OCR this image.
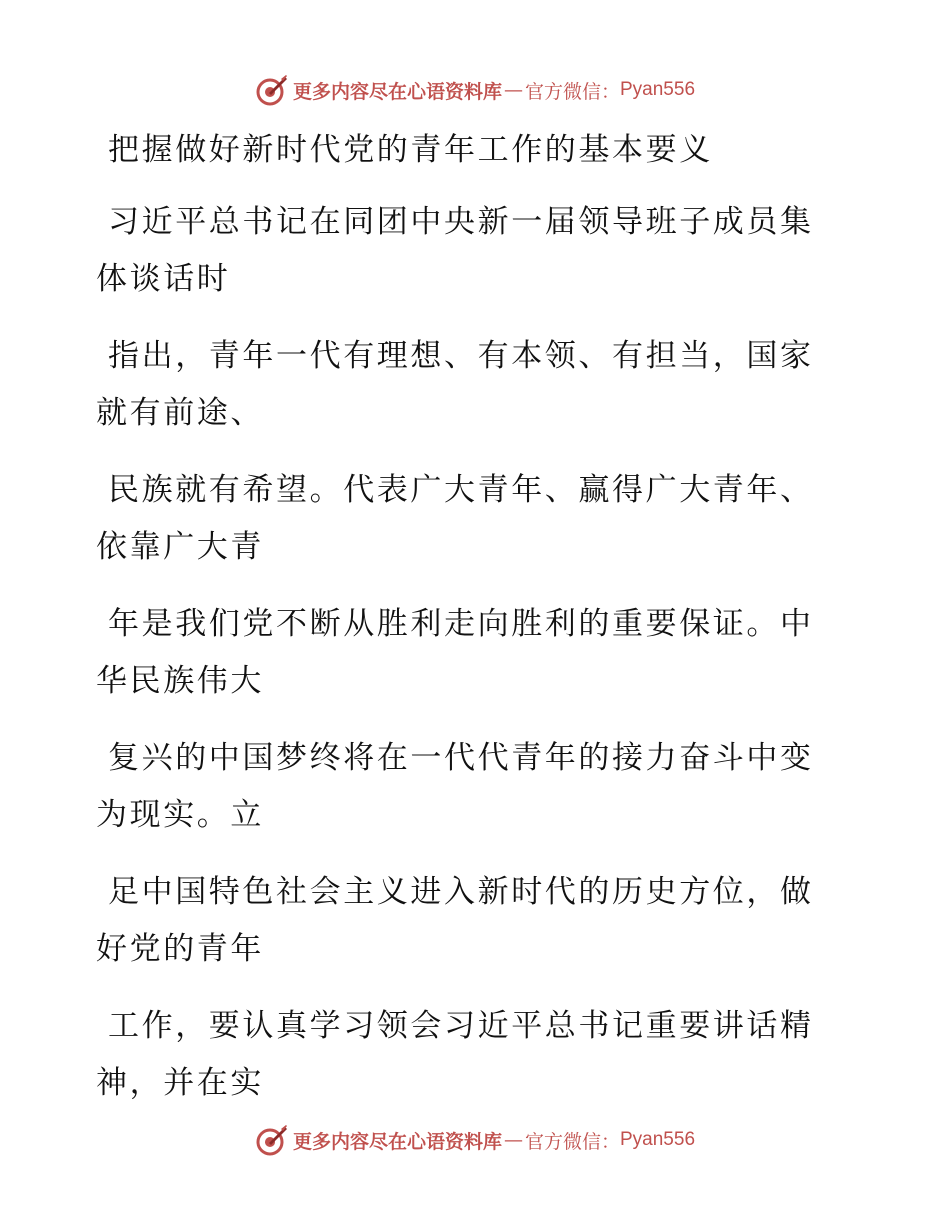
更多内容尽在心语资料库 — 官方微信： Pyan556

把握做好新时代党的青年工作的基本要义

习近平总书记在同团中央新一届领导班子成员集体谈话时

指出，青年一代有理想、有本领、有担当，国家就有前途、

民族就有希望。代表广大青年、赢得广大青年、依靠广大青

年是我们党不断从胜利走向胜利的重要保证。中华民族伟大

复兴的中国梦终将在一代代青年的接力奋斗中变为现实。立

足中国特色社会主义进入新时代的历史方位，做好党的青年

工作，要认真学习领会习近平总书记重要讲话精神，并在实

更多内容尽在心语资料库 — 官方微信： Pyan556
